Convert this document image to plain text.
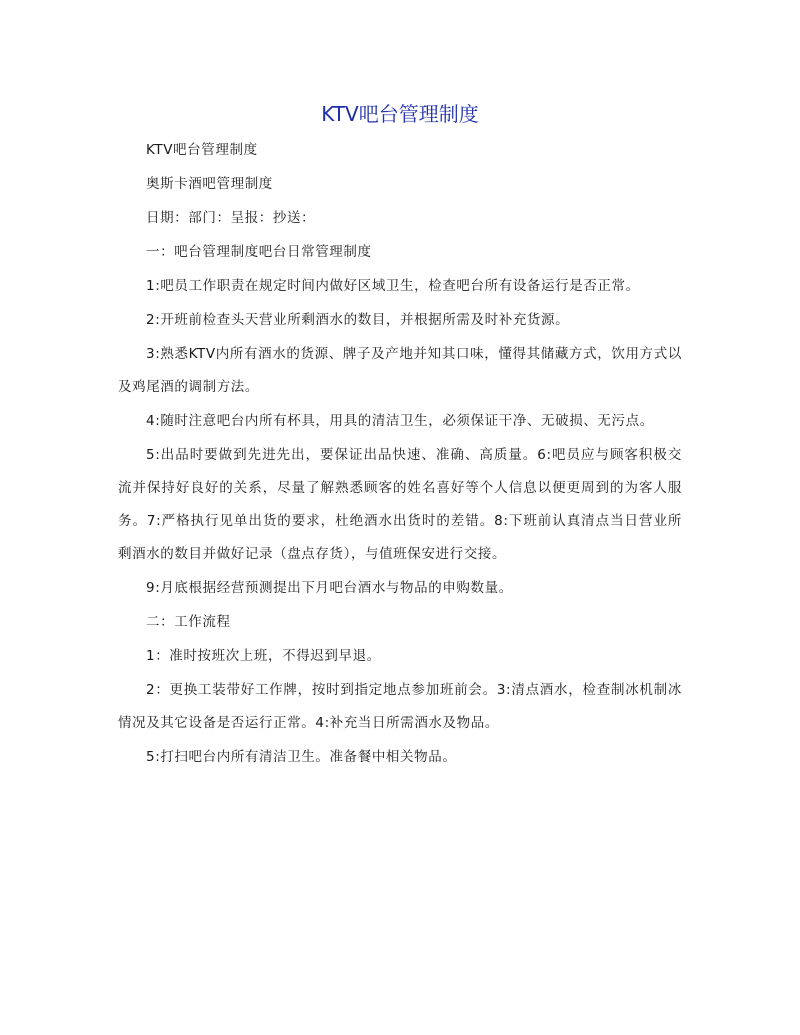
KTV吧台管理制度

KTV吧台管理制度

奥斯卡酒吧管理制度

日期：部门：呈报：抄送：

一：吧台管理制度吧台日常管理制度

1:吧员工作职责在规定时间内做好区域卫生，检查吧台所有设备运行是否正常。

2:开班前检查头天营业所剩酒水的数目，并根据所需及时补充货源。

3:熟悉KTV内所有酒水的货源、牌子及产地并知其口味，懂得其储藏方式，饮用方式以及鸡尾酒的调制方法。

4:随时注意吧台内所有杯具，用具的清洁卫生，必须保证干净、无破损、无污点。

5:出品时要做到先进先出，要保证出品快速、准确、高质量。6:吧员应与顾客积极交流并保持好良好的关系，尽量了解熟悉顾客的姓名喜好等个人信息以便更周到的为客人服务。7:严格执行见单出货的要求，杜绝酒水出货时的差错。8:下班前认真清点当日营业所剩酒水的数目并做好记录（盘点存货），与值班保安进行交接。

9:月底根据经营预测提出下月吧台酒水与物品的申购数量。

二：工作流程

1：准时按班次上班，不得迟到早退。

2：更换工装带好工作牌，按时到指定地点参加班前会。3:清点酒水，检查制冰机制冰情况及其它设备是否运行正常。4:补充当日所需酒水及物品。

5:打扫吧台内所有清洁卫生。准备餐中相关物品。
